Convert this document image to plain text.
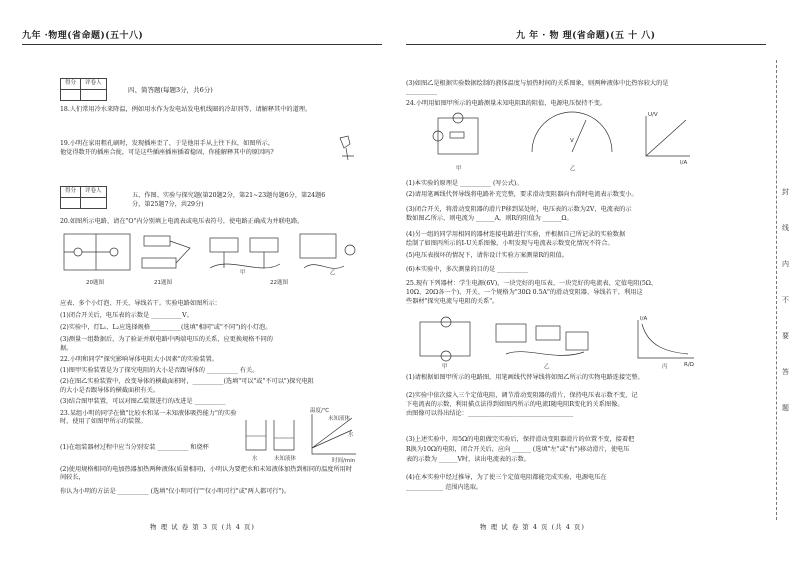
九年 ·物理(省命题)(五十八)
得分	评卷人

四、简答题(每题3分，共6分)
18.人们常用冷水来降温，例如用水作为发电站发电机线圈的冷却剂等，请解释其中的道理。
19.小明在家用粗孔刷时，发现插座歪了，于是他用手从上往下拉，如图所示，
他觉得数开的插座合拢，可是这些插座插座插着稳固，你能解释其中的原因吗?
得分	评卷人

五、作图、实验与探究题(第20题2分，第21~23题每题6分，第24题6
分，第25题7分，共29分)
20.如图所示电路，请在"O"内分别填上电流表或电压表符号，使电路正确成为并联电路。
20题图	21题图	22题图
甲	乙
应表、多个小灯泡、开关、导线若干。实验电路如图所示：
(1)闭合开关后，电压表的示数是 __________V。
(2)实验中，灯L₁、L₂应选择规格__________(选填"相同"或"不同")的小灯泡。
(3)测量一组数据后，为了验证并联电路中两端电压的关系，应更换规格不同的
据。
22.小明和同学"探究影响导体电阻大小因素"的实验装置。
(1)图甲实验装置是为了探究电阻的大小是否跟导体的 __________ 有关。
(2)在图乙实验装置中，改变导体的横截面积时，__________(选填"可以"或"不可以")探究电阻
的大小是否跟导体的横截面积有关。
(3)结合图甲装置，可以对图乙装置进行的改进是 __________
23.某组小明的同学在做"比较水和某一未知液体吸热能力"的实验时，使用了如图甲所示的装置。
(1)在组装器材过程中应当分别安装 __________ 和烧杯
(2)使用规格相同的电加热器加热两种液体(质量相同)，小明认为要把水和未知液体加热到相同的温度所用时间较长，
你认为小明的方法是 __________ (选填"仅小明可行""仅小明可行"或"两人都可行")。
水	未知液体
温度/℃
时间/min
未知液体
水
物 理 试 卷 第 3 页 (共 4 页)
九 年 · 物 理(省命题)(五 十 八)
(3)如图乙是根据实验数据绘制的液体温度与加热时间的关系图象，则两种液体中比热容较大的是 __________
24.小明用如图甲所示的电路测量未知电阻R的阻值，电源电压保持不变。
V
U/V
I/A
甲	乙
(1)本实验的原理是 __________ (写公式)。
(2)请用笔画线代替导线将电路补充完整，要求滑动变阻器向右滑时电流表示数变小。
(3)闭合开关，将滑动变阻器的滑片P移到某处时，电压表的示数为2V，电流表的示
数如图乙所示，则电流为 ______A，则R的阻值为 ______Ω。
(4)另一组的同学用相同的器材连接电路进行实验，并根据自己所记录的实验数据
绘制了如图丙所示的I-U关系图像，小明发现与电流表示数变化情况不符合。
(5)电压表损坏的情况下，请你设计实验方案测量R的阻值。
(6)本实验中，多次测量的目的是 __________
25.现有下列器材：学生电源(6V)，一块完好的电压表、一块完好的电流表、定值电阻(5Ω、
10Ω、20Ω各一个)、开关、一个规格为"30Ω 0.5A"的滑动变阻器、导线若干，利用这
些器材"探究电流与电阻的关系"。
I/A
R/Ω
甲	乙	丙
(1)请根据如图甲所示的电路图，用笔画线代替导线将如图乙所示的实物电路连接完整。
(2)实验中依次接入三个定值电阻，调节滑动变阻器的滑片，保持电压表示数不变，记
下电流表的示数，利用描点法得到如图丙所示的电流I随电阻R变化的关系图像。
由图像可以得出结论：__________________________________
(3)上述实验中，用5Ω的电阻做完实验后，保持滑动变阻器滑片的位置不变，接着把
R换为10Ω的电阻，闭合开关后，应向 ______ (选填"左"或"右")移动滑片，使电压
表的示数为 ______V时，读出电流表的示数。
(4)在本实验中经过推导，为了使三个定值电阻都能完成实验，电源电压在
____________ 范围内选取。
物 理 试 卷 第 4 页 (共 4 页)
封
线
内
不
要
答
题
